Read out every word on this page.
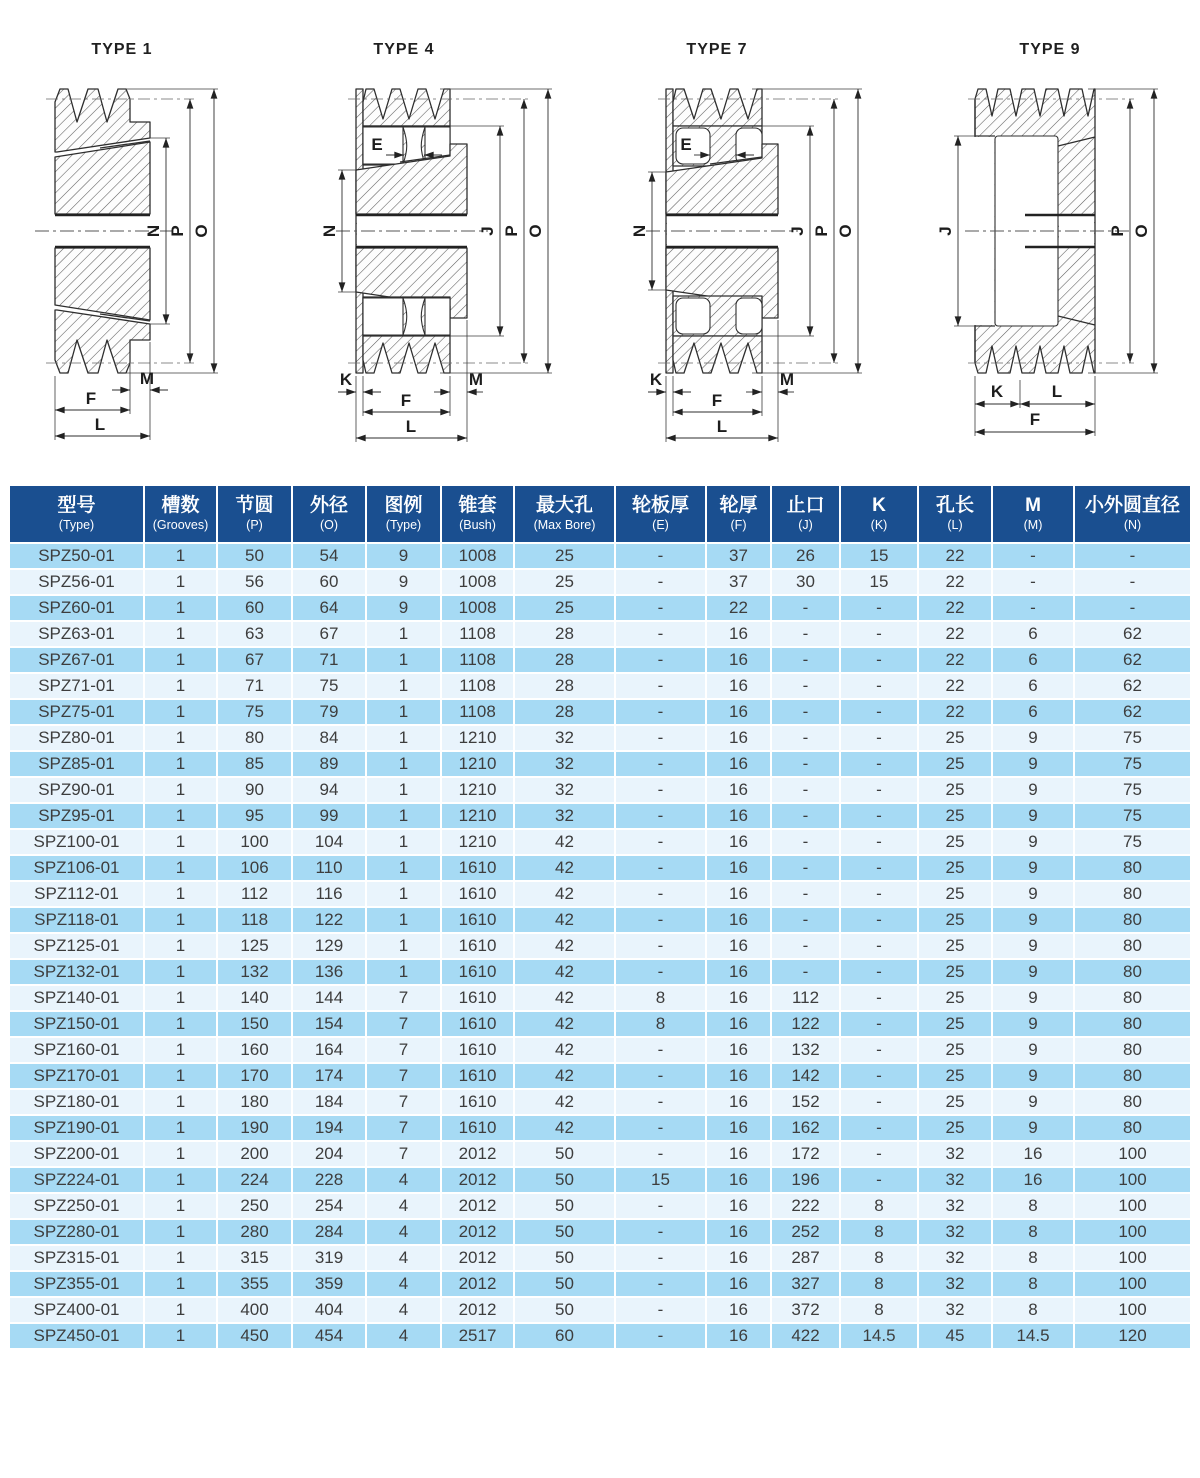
TYPE 1
N P O
M
F
L
TYPE 4
E
N	J P O
K	M
F
L
TYPE 7
E
N	J P O
K	M
F
L
TYPE 9
J	P O
K	L
F
型号
(Type)

槽数
(Grooves)

节圆
(P)

外径
(O)

图例
(Type)

锥套
(Bush)

最大孔
(Max Bore)

轮板厚
(E)

轮厚
(F)

止口
(J)

K
(K)

孔长
(L)

M
(M)

小外圆直径
(N)

SPZ50-01	1	50	54	9	1008	25	-	37	26	15	22	-	-
SPZ56-01	1	56	60	9	1008	25	-	37	30	15	22	-	-
SPZ60-01	1	60	64	9	1008	25	-	22	-	-	22	-	-
SPZ63-01	1	63	67	1	1108	28	-	16	-	-	22	6	62
SPZ67-01	1	67	71	1	1108	28	-	16	-	-	22	6	62
SPZ71-01	1	71	75	1	1108	28	-	16	-	-	22	6	62
SPZ75-01	1	75	79	1	1108	28	-	16	-	-	22	6	62
SPZ80-01	1	80	84	1	1210	32	-	16	-	-	25	9	75
SPZ85-01	1	85	89	1	1210	32	-	16	-	-	25	9	75
SPZ90-01	1	90	94	1	1210	32	-	16	-	-	25	9	75
SPZ95-01	1	95	99	1	1210	32	-	16	-	-	25	9	75
SPZ100-01	1	100	104	1	1210	42	-	16	-	-	25	9	75
SPZ106-01	1	106	110	1	1610	42	-	16	-	-	25	9	80
SPZ112-01	1	112	116	1	1610	42	-	16	-	-	25	9	80
SPZ118-01	1	118	122	1	1610	42	-	16	-	-	25	9	80
SPZ125-01	1	125	129	1	1610	42	-	16	-	-	25	9	80
SPZ132-01	1	132	136	1	1610	42	-	16	-	-	25	9	80
SPZ140-01	1	140	144	7	1610	42	8	16	112	-	25	9	80
SPZ150-01	1	150	154	7	1610	42	8	16	122	-	25	9	80
SPZ160-01	1	160	164	7	1610	42	-	16	132	-	25	9	80
SPZ170-01	1	170	174	7	1610	42	-	16	142	-	25	9	80
SPZ180-01	1	180	184	7	1610	42	-	16	152	-	25	9	80
SPZ190-01	1	190	194	7	1610	42	-	16	162	-	25	9	80
SPZ200-01	1	200	204	7	2012	50	-	16	172	-	32	16	100
SPZ224-01	1	224	228	4	2012	50	15	16	196	-	32	16	100
SPZ250-01	1	250	254	4	2012	50	-	16	222	8	32	8	100
SPZ280-01	1	280	284	4	2012	50	-	16	252	8	32	8	100
SPZ315-01	1	315	319	4	2012	50	-	16	287	8	32	8	100
SPZ355-01	1	355	359	4	2012	50	-	16	327	8	32	8	100
SPZ400-01	1	400	404	4	2012	50	-	16	372	8	32	8	100
SPZ450-01	1	450	454	4	2517	60	-	16	422	14.5	45	14.5	120
